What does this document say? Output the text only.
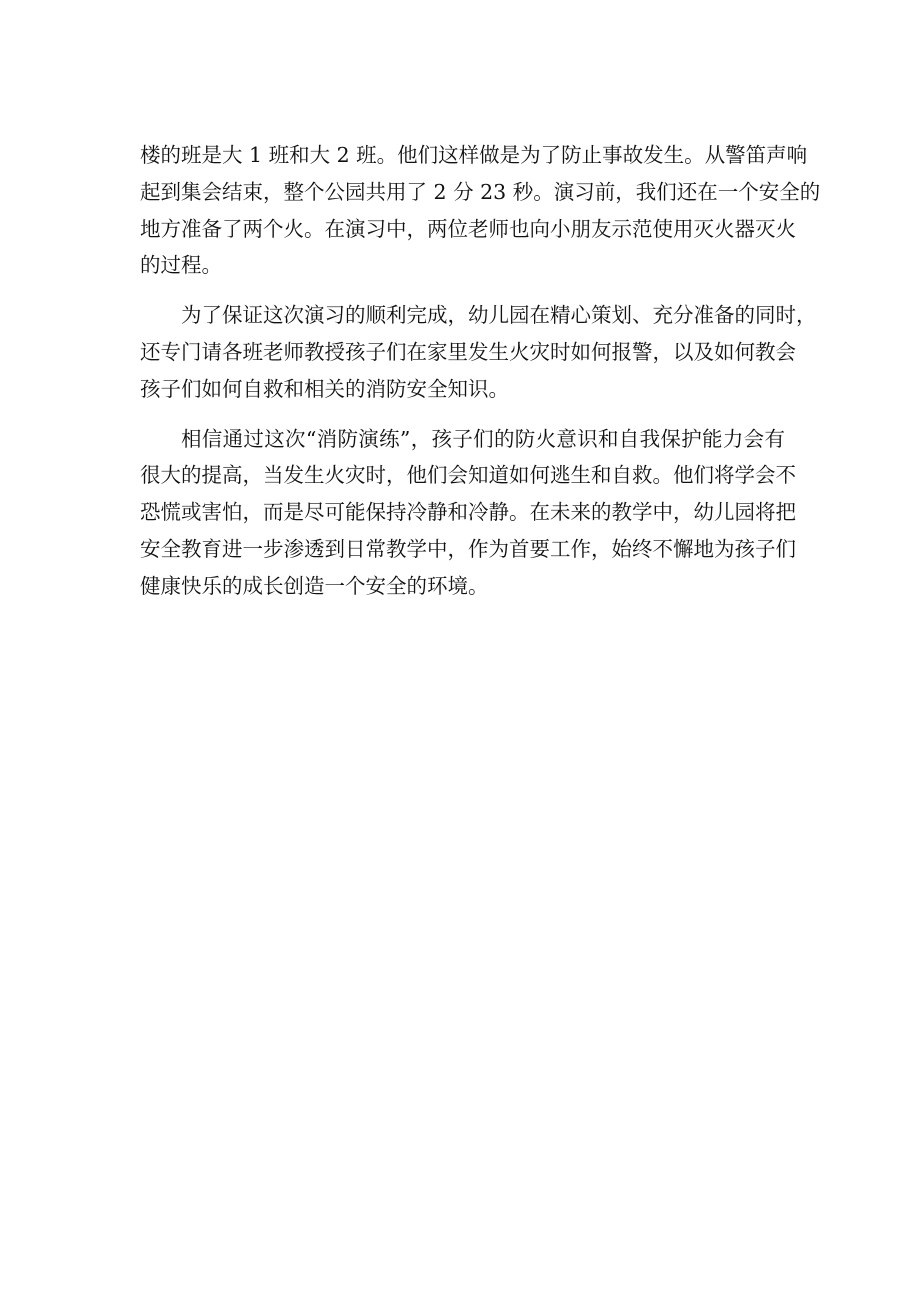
楼的班是大 1 班和大 2 班。他们这样做是为了防止事故发生。从警笛声响
起到集会结束，整个公园共用了 2 分 23 秒。演习前，我们还在一个安全的
地方准备了两个火。在演习中，两位老师也向小朋友示范使用灭火器灭火
的过程。
为了保证这次演习的顺利完成，幼儿园在精心策划、充分准备的同时，
还专门请各班老师教授孩子们在家里发生火灾时如何报警，以及如何教会
孩子们如何自救和相关的消防安全知识。
相信通过这次“消防演练”，孩子们的防火意识和自我保护能力会有
很大的提高，当发生火灾时，他们会知道如何逃生和自救。他们将学会不
恐慌或害怕，而是尽可能保持冷静和冷静。在未来的教学中，幼儿园将把
安全教育进一步渗透到日常教学中，作为首要工作，始终不懈地为孩子们
健康快乐的成长创造一个安全的环境。
